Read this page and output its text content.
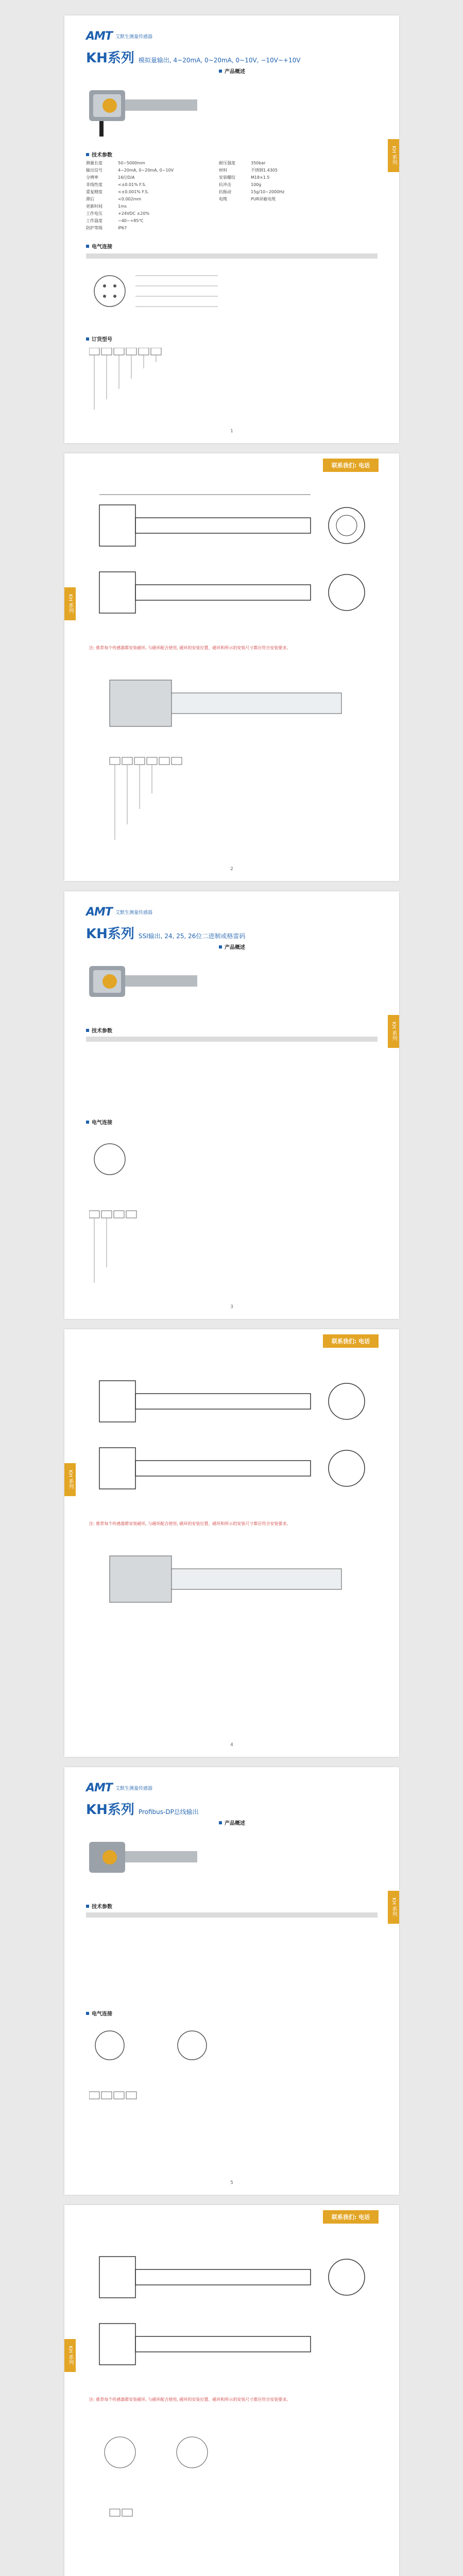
AMT 艾默生测量传感器
KH系列 模拟量输出, 4~20mA, 0~20mA, 0~10V, −10V~+10V
KH 系列
产品概述
技术参数
测量长度	50~5000mm
输出信号	4~20mA, 0~20mA, 0~10V
分辨率	16位D/A
非线性度	<±0.01% F.S.
重复精度	<±0.001% F.S.
滞后	<0.002mm
更新时间	1ms
工作电压	+24VDC ±20%
工作温度	−40~+85℃
防护等级	IP67
耐压强度	350bar
材料	不锈钢1.4305
安装螺纹	M18×1.5
抗冲击	100g
抗振动	15g/10~2000Hz
电缆	PUR屏蔽电缆
电气连接
订货型号
1
联系我们: 电话
KH 系列
注: 推荐每个传感器都安装磁环, 与磁环配合使用, 磁环的安装位置、磁环和所示的安装尺寸都应符合安装要求。
2
AMT 艾默生测量传感器
KH系列 SSI输出, 24, 25, 26位二进制或格雷码
KH 系列
产品概述
技术参数
电气连接
3
联系我们: 电话
KH 系列
注: 推荐每个传感器都安装磁环, 与磁环配合使用, 磁环的安装位置、磁环和所示的安装尺寸都应符合安装要求。
4
AMT 艾默生测量传感器
KH系列 Profibus-DP总线输出
KH 系列
产品概述
技术参数
电气连接
5
联系我们: 电话
KH 系列
注: 推荐每个传感器都安装磁环, 与磁环配合使用, 磁环的安装位置、磁环和所示的安装尺寸都应符合安装要求。
